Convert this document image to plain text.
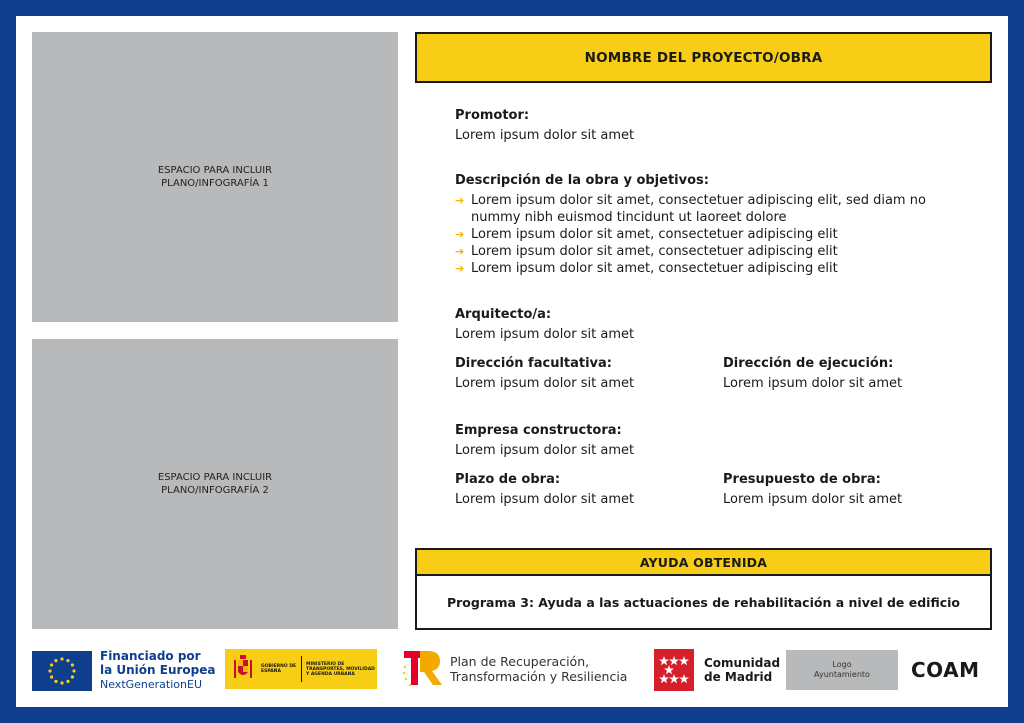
ESPACIO PARA INCLUIR
PLANO/INFOGRAFÍA 1
ESPACIO PARA INCLUIR
PLANO/INFOGRAFÍA 2
NOMBRE DEL PROYECTO/OBRA
Promotor:
Lorem ipsum dolor sit amet
Descripción de la obra y objetivos:
➔ Lorem ipsum dolor sit amet, consectetuer adipiscing elit, sed diam no nummy nibh euismod tincidunt ut laoreet dolore
➔ Lorem ipsum dolor sit amet, consectetuer adipiscing elit
➔ Lorem ipsum dolor sit amet, consectetuer adipiscing elit
➔ Lorem ipsum dolor sit amet, consectetuer adipiscing elit
Arquitecto/a:
Lorem ipsum dolor sit amet
Dirección facultativa:
Lorem ipsum dolor sit amet
Dirección de ejecución:
Lorem ipsum dolor sit amet
Empresa constructora:
Lorem ipsum dolor sit amet
Plazo de obra:
Lorem ipsum dolor sit amet
Presupuesto de obra:
Lorem ipsum dolor sit amet
AYUDA OBTENIDA
Programa 3: Ayuda a las actuaciones de rehabilitación a nivel de edificio
Financiado por
la Unión Europea
NextGenerationEU
GOBIERNO DE ESPAÑA
MINISTERIO DE TRANSPORTES, MOVILIDAD Y AGENDA URBANA
Plan de Recuperación,
Transformación y Resiliencia
Comunidad
de Madrid
Logo
Ayuntamiento COAM
